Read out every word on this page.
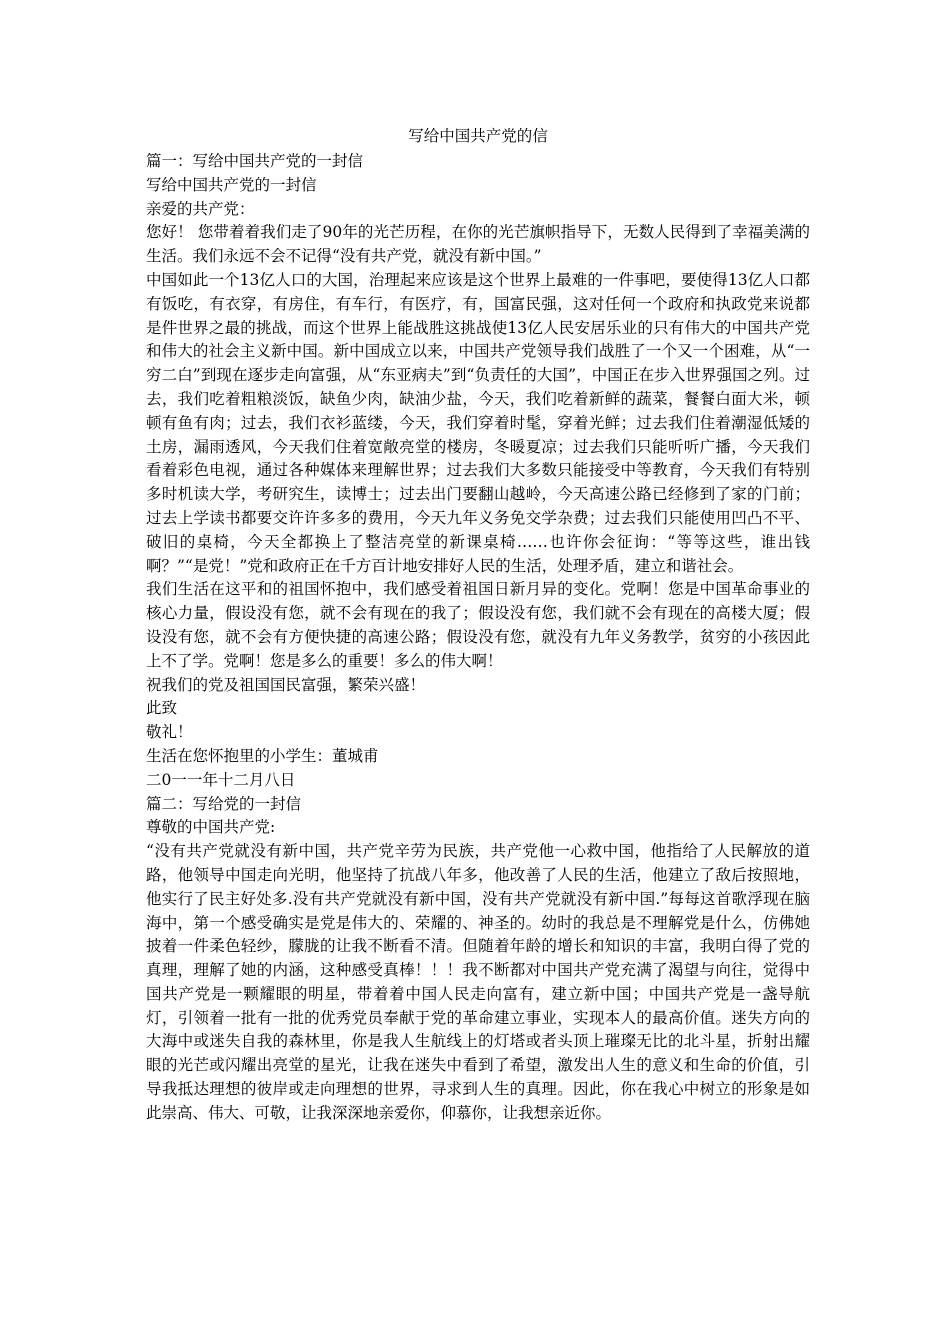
写给中国共产党的信

篇一：写给中国共产党的一封信

写给中国共产党的一封信

亲爱的共产党：

您好！ 您带着着我们走了90年的光芒历程，在你的光芒旗帜指导下，无数人民得到了幸福美满的生活。我们永远不会不记得“没有共产党，就没有新中国。”

中国如此一个13亿人口的大国，治理起来应该是这个世界上最难的一件事吧，要使得13亿人口都有饭吃，有衣穿，有房住，有车行，有医疗，有，国富民强，这对任何一个政府和执政党来说都是件世界之最的挑战，而这个世界上能战胜这挑战使13亿人民安居乐业的只有伟大的中国共产党和伟大的社会主义新中国。新中国成立以来，中国共产党领导我们战胜了一个又一个困难，从“一穷二白”到现在逐步走向富强，从“东亚病夫”到“负责任的大国”，中国正在步入世界强国之列。过去，我们吃着粗粮淡饭，缺鱼少肉，缺油少盐，今天，我们吃着新鲜的蔬菜，餐餐白面大米，顿顿有鱼有肉；过去，我们衣衫蓝缕，今天，我们穿着时髦，穿着光鲜；过去我们住着潮湿低矮的土房，漏雨透风，今天我们住着宽敞亮堂的楼房，冬暖夏凉；过去我们只能听听广播，今天我们看着彩色电视，通过各种媒体来理解世界；过去我们大多数只能接受中等教育，今天我们有特别多时机读大学，考研究生，读博士；过去出门要翻山越岭，今天高速公路已经修到了家的门前；过去上学读书都要交许许多多的费用，今天九年义务免交学杂费；过去我们只能使用凹凸不平、破旧的桌椅，今天全都换上了整洁亮堂的新课桌椅……也许你会征询：“等等这些，谁出钱啊？”“是党！”党和政府正在千方百计地安排好人民的生活，处理矛盾，建立和谐社会。

我们生活在这平和的祖国怀抱中，我们感受着祖国日新月异的变化。党啊！您是中国革命事业的核心力量，假设没有您，就不会有现在的我了；假设没有您，我们就不会有现在的高楼大厦；假设没有您，就不会有方便快捷的高速公路；假设没有您，就没有九年义务教学，贫穷的小孩因此上不了学。党啊！您是多么的重要！多么的伟大啊！

祝我们的党及祖国国民富强，繁荣兴盛！

此致

敬礼！

生活在您怀抱里的小学生：董城甫

二0一一年十二月八日

篇二：写给党的一封信

尊敬的中国共产党:

“没有共产党就没有新中国，共产党辛劳为民族，共产党他一心救中国，他指给了人民解放的道路，他领导中国走向光明，他坚持了抗战八年多，他改善了人民的生活，他建立了敌后按照地，他实行了民主好处多.没有共产党就没有新中国，没有共产党就没有新中国.”每每这首歌浮现在脑海中，第一个感受确实是党是伟大的、荣耀的、神圣的。幼时的我总是不理解党是什么，仿佛她披着一件柔色轻纱，朦胧的让我不断看不清。但随着年龄的增长和知识的丰富，我明白得了党的真理，理解了她的内涵，这种感受真棒！！！我不断都对中国共产党充满了渴望与向往，觉得中国共产党是一颗耀眼的明星，带着着中国人民走向富有，建立新中国；中国共产党是一盏导航灯，引领着一批有一批的优秀党员奉献于党的革命建立事业，实现本人的最高价值。迷失方向的大海中或迷失自我的森林里，你是我人生航线上的灯塔或者头顶上璀璨无比的北斗星，折射出耀眼的光芒或闪耀出亮堂的星光，让我在迷失中看到了希望，激发出人生的意义和生命的价值，引导我抵达理想的彼岸或走向理想的世界，寻求到人生的真理。因此，你在我心中树立的形象是如此崇高、伟大、可敬，让我深深地亲爱你，仰慕你，让我想亲近你。
